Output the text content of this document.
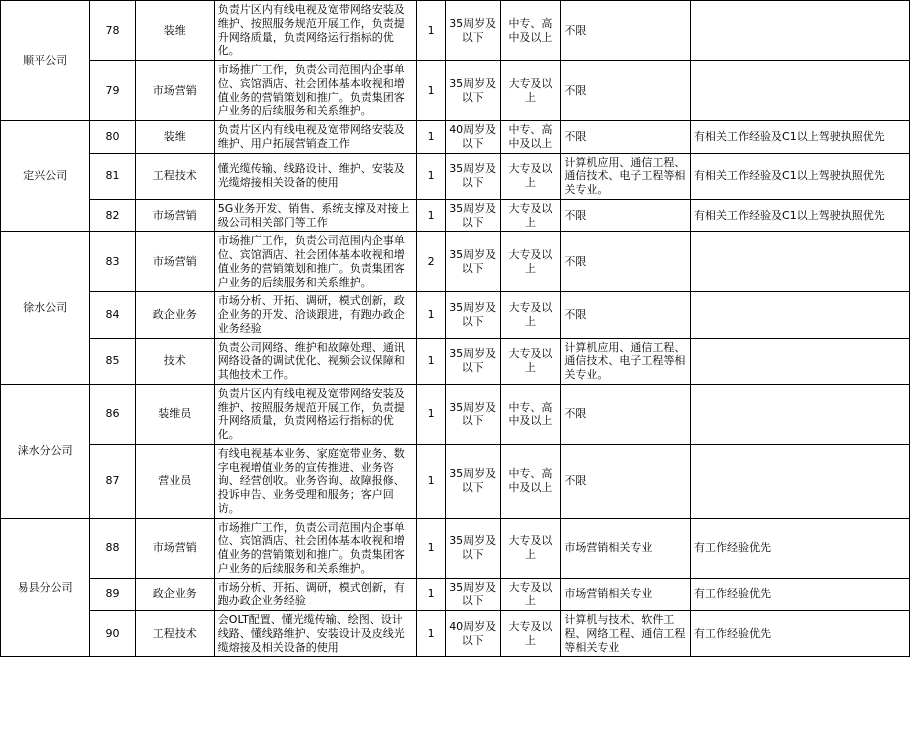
顺平公司	78	装维	负责片区内有线电视及宽带网络安装及维护、按照服务规范开展工作，负责提升网络质量，负责网络运行指标的优化。	1	35周岁及以下	中专、高中及以上	不限	
	79	市场营销	市场推广工作，负责公司范围内企事单位、宾馆酒店、社会团体基本收视和增值业务的营销策划和推广。负责集团客户业务的后续服务和关系维护。	1	35周岁及以下	大专及以上	不限	
定兴公司	80	装维	负责片区内有线电视及宽带网络安装及维护、用户拓展营销查工作	1	40周岁及以下	中专、高中及以上	不限	有相关工作经验及C1以上驾驶执照优先
	81	工程技术	懂光缆传输、线路设计、维护、安装及光缆熔接相关设备的使用	1	35周岁及以下	大专及以上	计算机应用、通信工程、通信技术、电子工程等相关专业。	有相关工作经验及C1以上驾驶执照优先
	82	市场营销	5G业务开发、销售、系统支撑及对接上级公司相关部门等工作	1	35周岁及以下	大专及以上	不限	有相关工作经验及C1以上驾驶执照优先
徐水公司	83	市场营销	市场推广工作，负责公司范围内企事单位、宾馆酒店、社会团体基本收视和增值业务的营销策划和推广。负责集团客户业务的后续服务和关系维护。	2	35周岁及以下	大专及以上	不限	
	84	政企业务	市场分析、开拓、调研，模式创新，政企业务的开发、洽谈跟进，有跑办政企业务经验	1	35周岁及以下	大专及以上	不限	
	85	技术	负责公司网络、维护和故障处理、通讯网络设备的调试优化、视频会议保障和其他技术工作。	1	35周岁及以下	大专及以上	计算机应用、通信工程、通信技术、电子工程等相关专业。	
涞水分公司	86	装维员	负责片区内有线电视及宽带网络安装及维护、按照服务规范开展工作，负责提升网络质量，负责网格运行指标的优化。	1	35周岁及以下	中专、高中及以上	不限	
	87	营业员	有线电视基本业务、家庭宽带业务、数字电视增值业务的宣传推进、业务咨询、经营创收。业务咨询、故障报修、投诉申告、业务受理和服务；客户回访。	1	35周岁及以下	中专、高中及以上	不限	
易县分公司	88	市场营销	市场推广工作，负责公司范围内企事单位、宾馆酒店、社会团体基本收视和增值业务的营销策划和推广。负责集团客户业务的后续服务和关系维护。	1	35周岁及以下	大专及以上	市场营销相关专业	有工作经验优先
	89	政企业务	市场分析、开拓、调研，模式创新，有跑办政企业务经验	1	35周岁及以下	大专及以上	市场营销相关专业	有工作经验优先
	90	工程技术	会OLT配置、懂光缆传输、绘图、设计线路、懂线路维护、安装设计及皮线光缆熔接及相关设备的使用	1	40周岁及以下	大专及以上	计算机与技术、软件工程、网络工程、通信工程等相关专业	有工作经验优先
